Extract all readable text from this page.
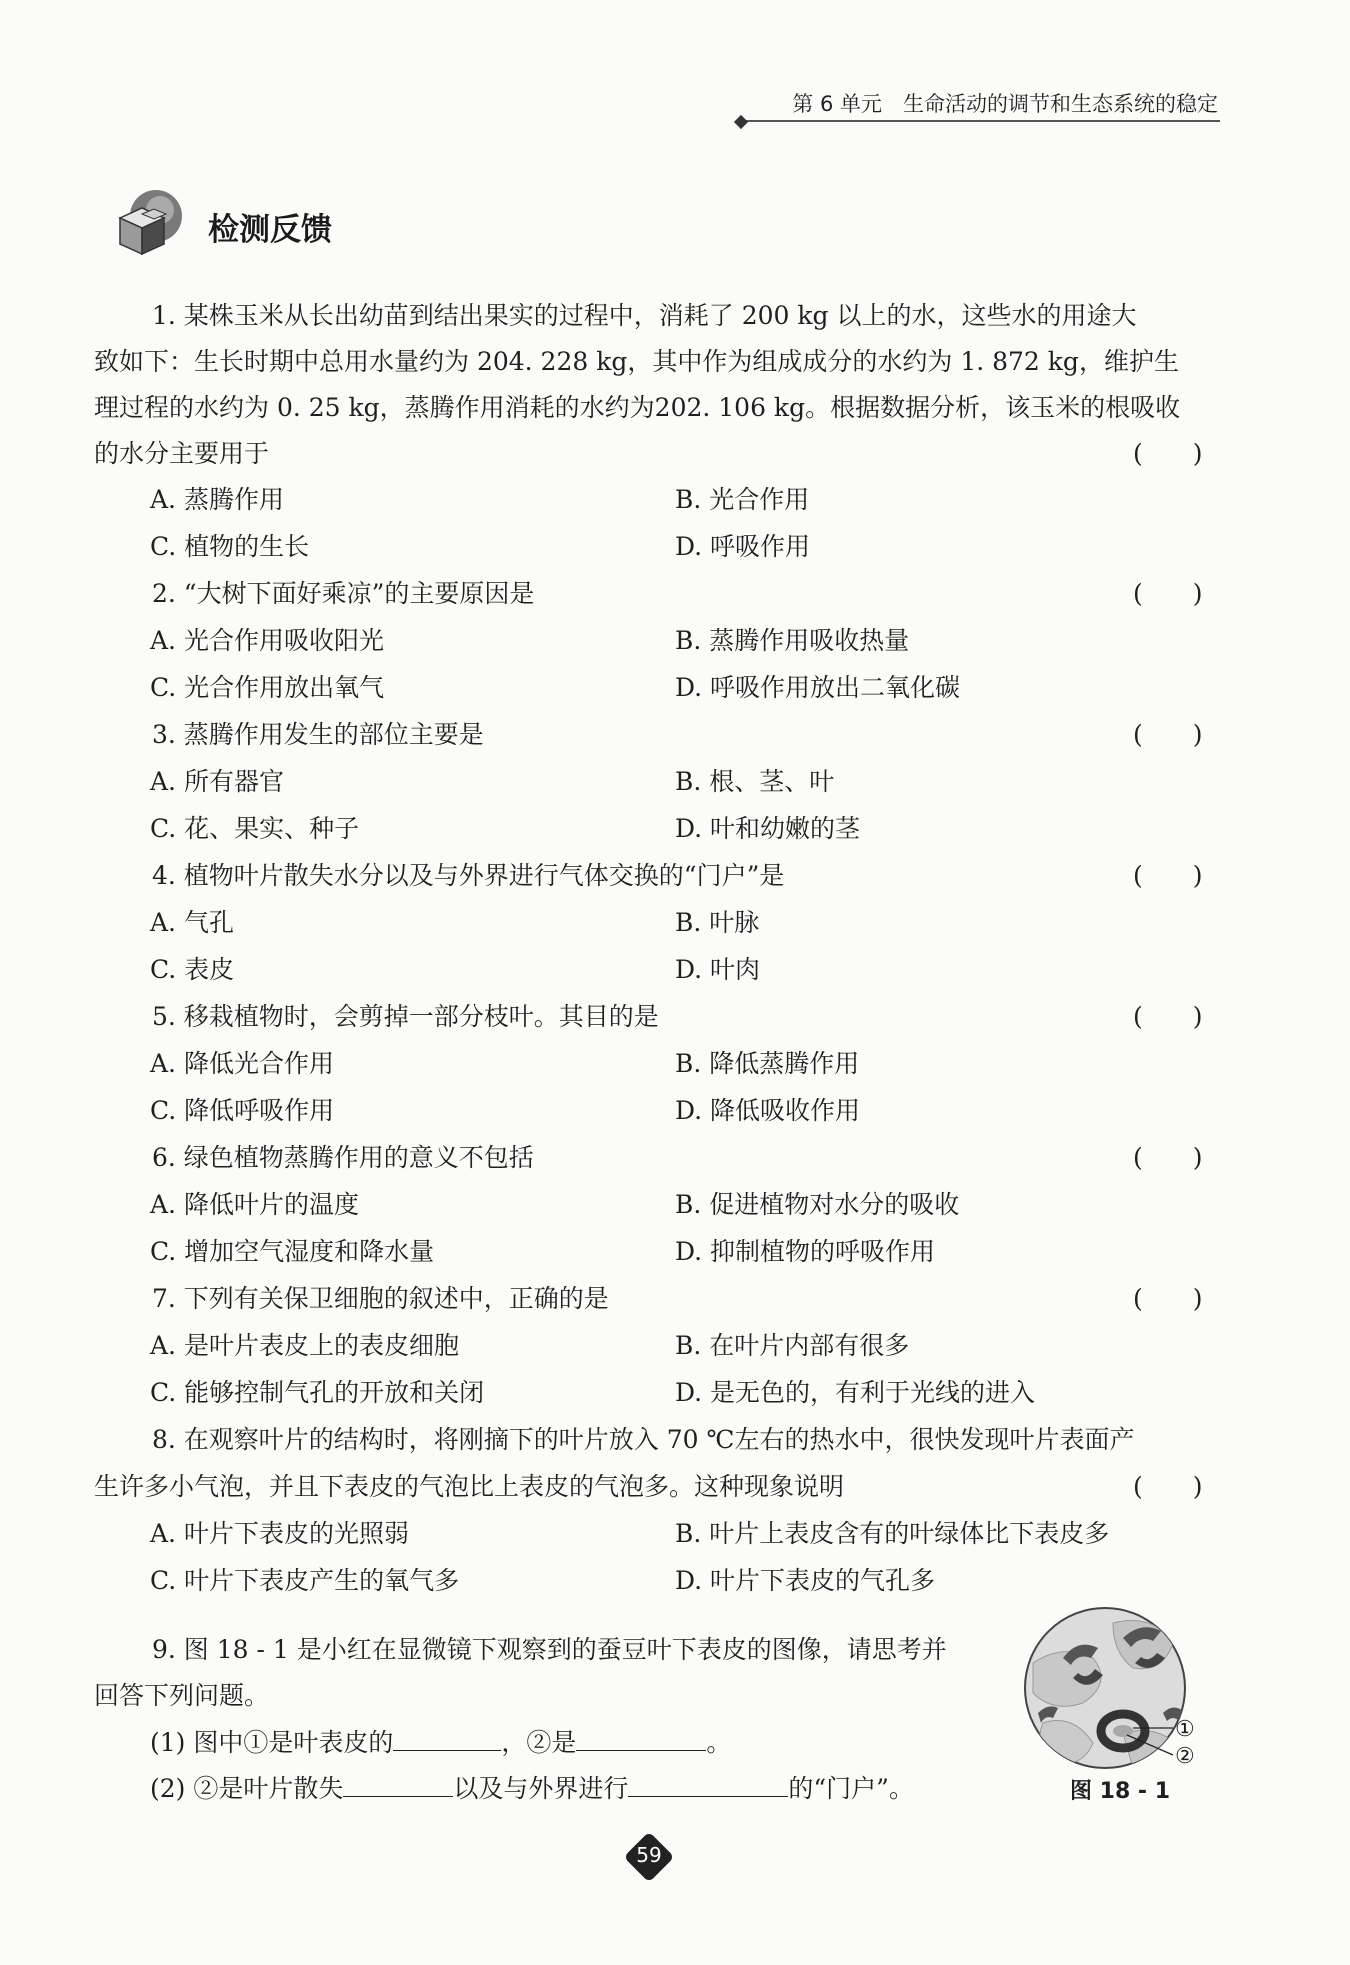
第 6 单元　生命活动的调节和生态系统的稳定
检测反馈
1. 某株玉米从长出幼苗到结出果实的过程中，消耗了 200 kg 以上的水，这些水的用途大
致如下：生长时期中总用水量约为 204. 228 kg，其中作为组成成分的水约为 1. 872 kg，维护生
理过程的水约为 0. 25 kg，蒸腾作用消耗的水约为202. 106 kg。根据数据分析，该玉米的根吸收
的水分主要用于	(　　)
A. 蒸腾作用	B. 光合作用
C. 植物的生长	D. 呼吸作用
2. “大树下面好乘凉”的主要原因是	(　　)
A. 光合作用吸收阳光	B. 蒸腾作用吸收热量
C. 光合作用放出氧气	D. 呼吸作用放出二氧化碳
3. 蒸腾作用发生的部位主要是	(　　)
A. 所有器官	B. 根、茎、叶
C. 花、果实、种子	D. 叶和幼嫩的茎
4. 植物叶片散失水分以及与外界进行气体交换的“门户”是	(　　)
A. 气孔	B. 叶脉
C. 表皮	D. 叶肉
5. 移栽植物时，会剪掉一部分枝叶。其目的是	(　　)
A. 降低光合作用	B. 降低蒸腾作用
C. 降低呼吸作用	D. 降低吸收作用
6. 绿色植物蒸腾作用的意义不包括	(　　)
A. 降低叶片的温度	B. 促进植物对水分的吸收
C. 增加空气湿度和降水量	D. 抑制植物的呼吸作用
7. 下列有关保卫细胞的叙述中，正确的是	(　　)
A. 是叶片表皮上的表皮细胞	B. 在叶片内部有很多
C. 能够控制气孔的开放和关闭	D. 是无色的，有利于光线的进入
8. 在观察叶片的结构时，将刚摘下的叶片放入 70 ℃左右的热水中，很快发现叶片表面产
生许多小气泡，并且下表皮的气泡比上表皮的气泡多。这种现象说明	(　　)
A. 叶片下表皮的光照弱	B. 叶片上表皮含有的叶绿体比下表皮多
C. 叶片下表皮产生的氧气多	D. 叶片下表皮的气孔多
9. 图 18 - 1 是小红在显微镜下观察到的蚕豆叶下表皮的图像，请思考并
回答下列问题。
(1) 图中①是叶表皮的	，②是	。
(2) ②是叶片散失	以及与外界进行	的“门户”。
①
②
图 18 - 1
59
